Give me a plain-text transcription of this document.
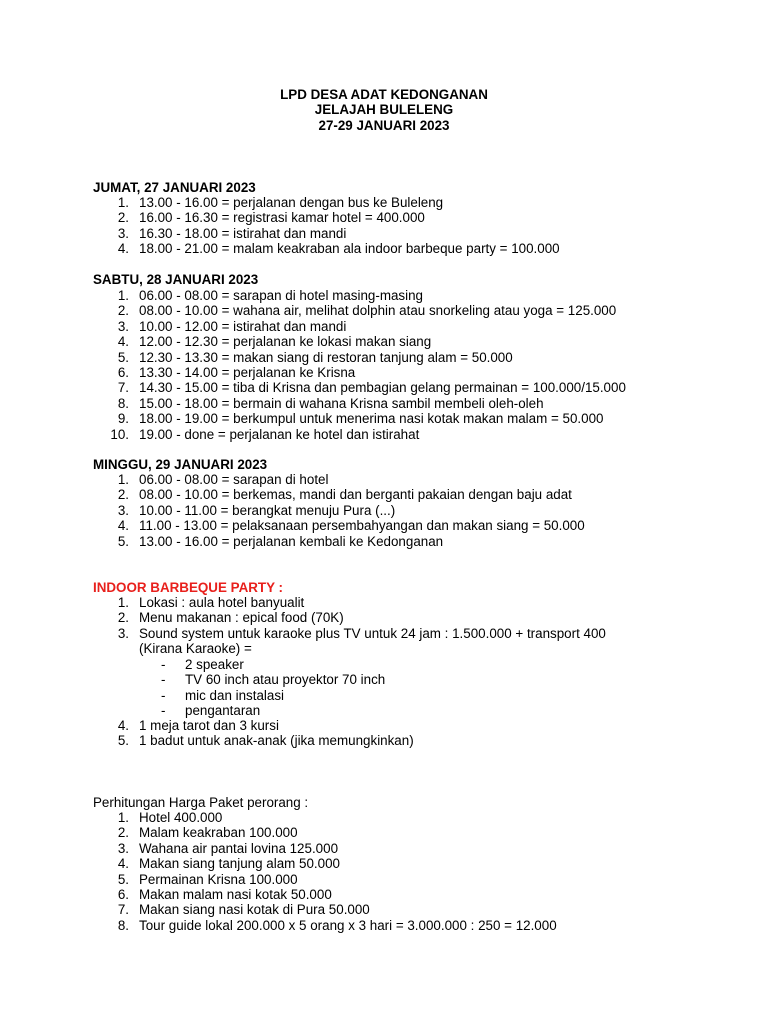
LPD DESA ADAT KEDONGANAN
JELAJAH BULELENG
27-29 JANUARI 2023
JUMAT, 27 JANUARI 2023
1. 13.00 - 16.00 = perjalanan dengan bus ke Buleleng
2. 16.00 - 16.30 = registrasi kamar hotel = 400.000
3. 16.30 - 18.00 = istirahat dan mandi
4. 18.00 - 21.00 = malam keakraban ala indoor barbeque party = 100.000
SABTU, 28 JANUARI 2023
1. 06.00 - 08.00 = sarapan di hotel masing-masing
2. 08.00 - 10.00 = wahana air, melihat dolphin atau snorkeling atau yoga = 125.000
3. 10.00 - 12.00 = istirahat dan mandi
4. 12.00 - 12.30 = perjalanan ke lokasi makan siang
5. 12.30 - 13.30 = makan siang di restoran tanjung alam = 50.000
6. 13.30 - 14.00 = perjalanan ke Krisna
7. 14.30 - 15.00 = tiba di Krisna dan pembagian gelang permainan = 100.000/15.000
8. 15.00 - 18.00 = bermain di wahana Krisna sambil membeli oleh-oleh
9. 18.00 - 19.00 = berkumpul untuk menerima nasi kotak makan malam = 50.000
10. 19.00 - done = perjalanan ke hotel dan istirahat
MINGGU, 29 JANUARI 2023
1. 06.00 - 08.00 = sarapan di hotel
2. 08.00 - 10.00 = berkemas, mandi dan berganti pakaian dengan baju adat
3. 10.00 - 11.00 = berangkat menuju Pura (...)
4. 11.00 - 13.00 = pelaksanaan persembahyangan dan makan siang = 50.000
5. 13.00 - 16.00 = perjalanan kembali ke Kedonganan
INDOOR BARBEQUE PARTY :
1. Lokasi : aula hotel banyualit
2. Menu makanan : epical food (70K)
3. Sound system untuk karaoke plus TV untuk 24 jam : 1.500.000 + transport 400
(Kirana Karaoke) =
- 2 speaker
- TV 60 inch atau proyektor 70 inch
- mic dan instalasi
- pengantaran
4. 1 meja tarot dan 3 kursi
5. 1 badut untuk anak-anak (jika memungkinkan)
Perhitungan Harga Paket perorang :
1. Hotel 400.000
2. Malam keakraban 100.000
3. Wahana air pantai lovina 125.000
4. Makan siang tanjung alam 50.000
5. Permainan Krisna 100.000
6. Makan malam nasi kotak 50.000
7. Makan siang nasi kotak di Pura 50.000
8. Tour guide lokal 200.000 x 5 orang x 3 hari = 3.000.000 : 250 = 12.000
